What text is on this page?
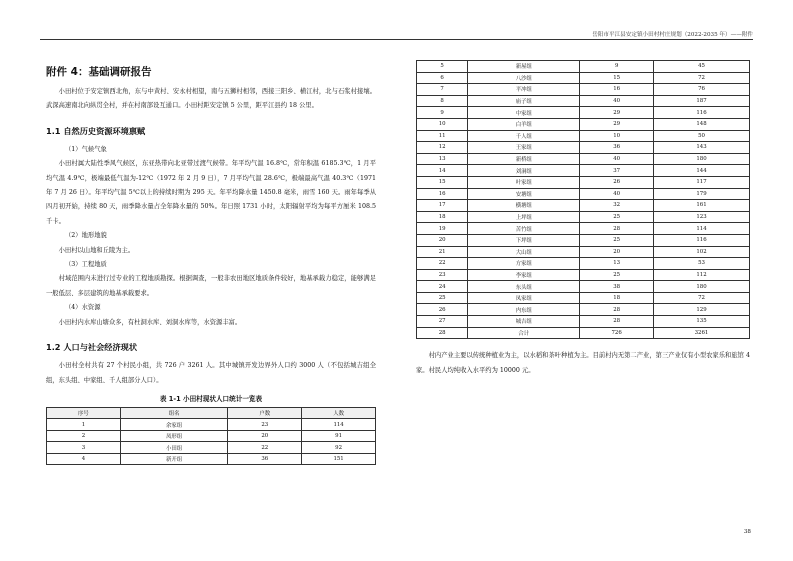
岳阳市平江县安定镇小田村村庄规划（2022-2035 年）——附件
附件 4：基础调研报告

小田村位于安定镇西北角，东与中黄村、安永村相望，南与五狮村相邻，西接三阳乡、横江村，北与石浆村接壤。武深高速南北向纵贯全村，并在村南部设互通口。小田村距安定镇 5 公里，距平江县约 18 公里。

1.1 自然历史资源环境禀赋

（1）气候气象

小田村属大陆性季风气候区，东亚热带向北亚带过渡气候带。年平均气温 16.8℃，常年积温 6185.3℃，1 月平均气温 4.9℃，极端最低气温为-12℃（1972 年 2 月 9 日），7 月平均气温 28.6℃，极端最高气温 40.3℃（1971 年 7 月 26 日）。年平均气温 5℃以上的持续时期为 295 天。年平均降水量 1450.8 毫米，雨雪 160 天。雨年每季从四月初开始，持续 80 天，雨季降水量占全年降水量的 50%。年日照 1731 小时，太阳辐射平均为每平方厘米 108.5 千卡。

（2）地形地貌

小田村以山地和丘陵为主。

（3）工程地质

村域范围内未进行过专业的工程地质勘探。根据调查，一般非农田地区地质条件较好，地基承载力稳定，能够满足一般低层、多层建筑的地基承载要求。

（4）水资源

小田村内水库山塘众多，有杜洞水库、刘洞水库等，水资源丰富。

1.2 人口与社会经济现状

小田村全村共有 27 个村民小组，共 726 户 3261 人。其中城镇开发边界外人口约 3000 人（不包括城吉组全组，东头组、中家组、千人组部分人口）。

表 1-1 小田村现状人口统计一览表
序号	组名	户数	人数
1	余家组	23	114
2	凤形组	20	91
3	小田组	22	92
4	新开组	36	151
5	新屋组	9	45
6	八沙组	15	72
7	平冲组	16	76
8	庙子组	40	187
9	中家组	29	116
10	白羊组	29	148
11	千人组	10	50
12	王家组	36	143
13	新桥组	40	180
14	刘洞组	37	144
15	叶家组	26	117
16	安塘组	40	179
17	横塘组	32	161
18	上坪组	25	123
19	苦竹组	28	114
20	下坪组	25	116
21	大山组	20	102
22	方家组	13	53
23	李家组	25	112
24	东头组	38	180
25	凤家组	18	72
26	内东组	28	129
27	城吉组	28	135
28	合计	726	3261

村内产业主要以传统种植业为主，以水稻和茶叶种植为主。目前村内无第二产业，第三产业仅有小型农家乐和旅馆 4 家。村民人均纯收入水平约为 10000 元。

38
